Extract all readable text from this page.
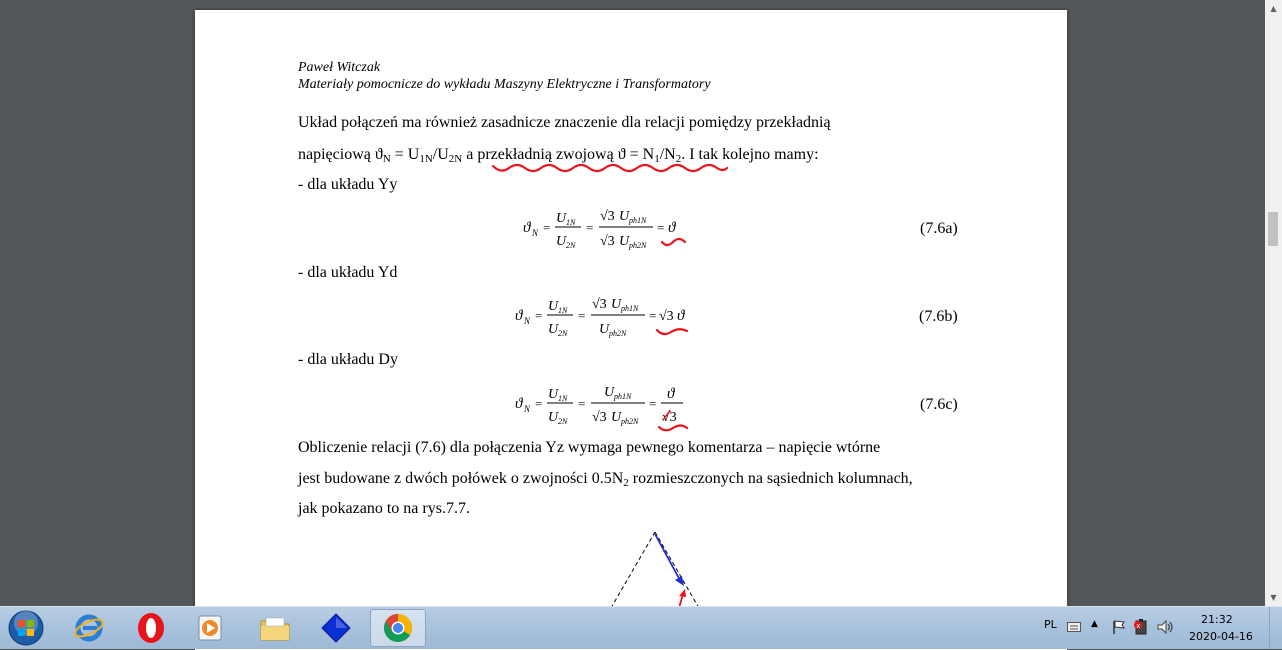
Paweł Witczak
Materiały pomocnicze do wykładu Maszyny Elektryczne i Transformatory
Układ połączeń ma również zasadnicze znaczenie dla relacji pomiędzy przekładnią
napięciową $ϑ_N = U_{1N}/U_{2N}$ a przekładnią zwojową $ϑ = N_1/N_2$. I tak kolejno mamy:
- dla układu Yy
ϑ N =
U 1N
U 2N
=
√3 U ph1N
√3 U ph2N
= ϑ	(7.6a)
- dla układu Yd
ϑ N =
U 1N
U 2N
=
√3 U ph1N
U ph2N
= √3 ϑ	(7.6b)
- dla układu Dy
ϑ N =
U 1N
U 2N
=
U ph1N
√3 U ph2N
=
ϑ
√3
(7.6c)
Obliczenie relacji (7.6) dla połączenia Yz wymaga pewnego komentarza – napięcie wtórne
jest budowane z dwóch połówek o zwojności $0.5N_2$ rozmieszczonych na sąsiednich kolumnach,
jak pokazano to na rys.7.7.
▲
▼
PL	▲	x	21:32
2020-04-16
